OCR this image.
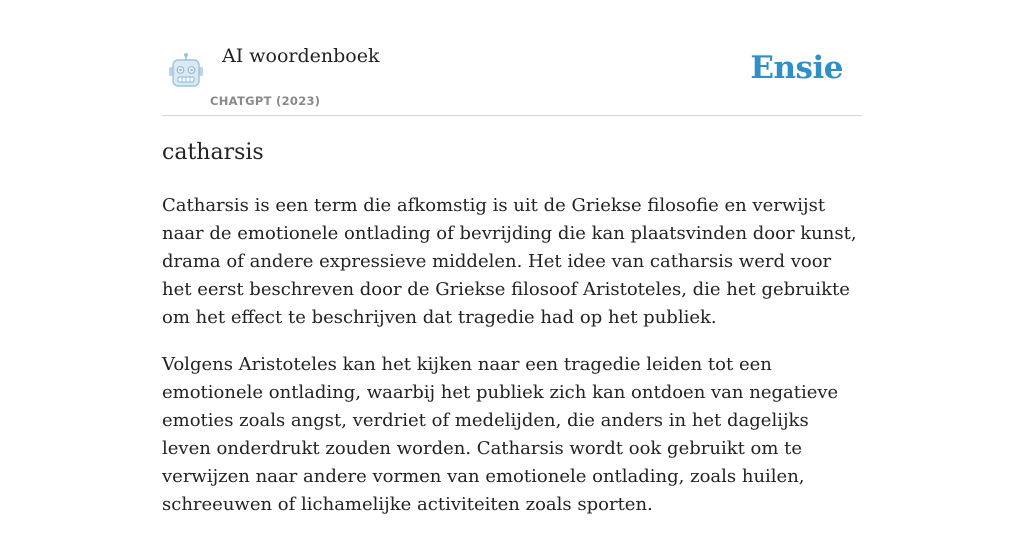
AI woordenboek
CHATGPT (2023)
Ensie
catharsis

Catharsis is een term die afkomstig is uit de Griekse filosofie en verwijst naar de emotionele ontlading of bevrijding die kan plaatsvinden door kunst, drama of andere expressieve middelen. Het idee van catharsis werd voor het eerst beschreven door de Griekse filosoof Aristoteles, die het gebruikte om het effect te beschrijven dat tragedie had op het publiek.

Volgens Aristoteles kan het kijken naar een tragedie leiden tot een emotionele ontlading, waarbij het publiek zich kan ontdoen van negatieve emoties zoals angst, verdriet of medelijden, die anders in het dagelijks leven onderdrukt zouden worden. Catharsis wordt ook gebruikt om te verwijzen naar andere vormen van emotionele ontlading, zoals huilen, schreeuwen of lichamelijke activiteiten zoals sporten.
